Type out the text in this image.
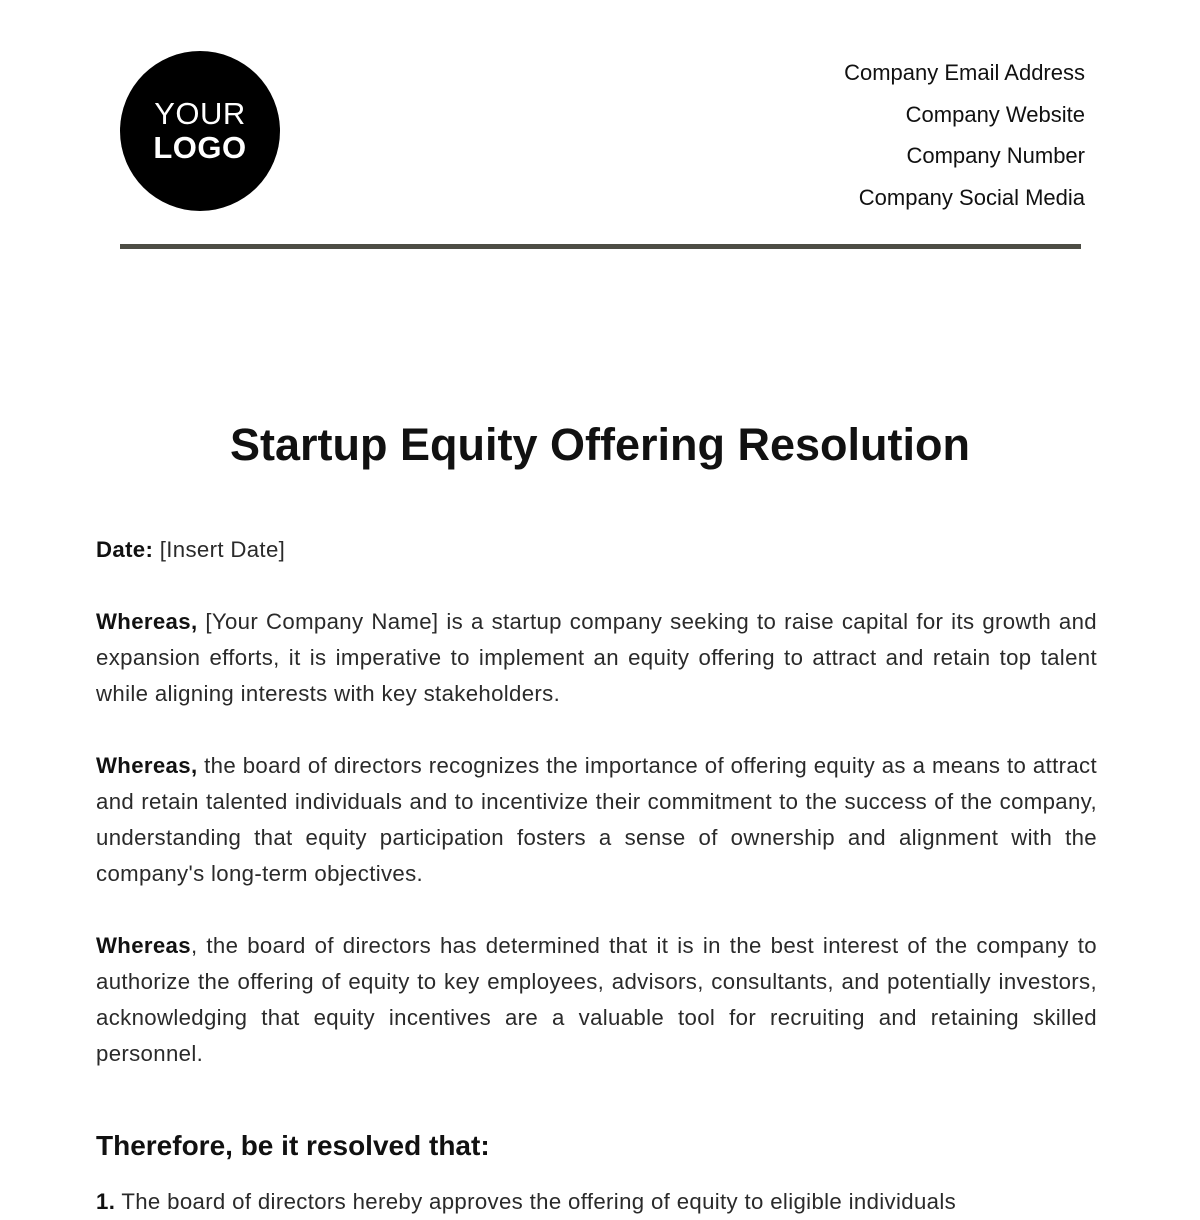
YOUR
LOGO
Company Email Address
Company Website
Company Number
Company Social Media
Startup Equity Offering Resolution

Date: [Insert Date]

Whereas, [Your Company Name] is a startup company seeking to raise capital for its growth and expansion efforts, it is imperative to implement an equity offering to attract and retain top talent while aligning interests with key stakeholders.

Whereas, the board of directors recognizes the importance of offering equity as a means to attract and retain talented individuals and to incentivize their commitment to the success of the company, understanding that equity participation fosters a sense of ownership and alignment with the company's long-term objectives.

Whereas, the board of directors has determined that it is in the best interest of the company to authorize the offering of equity to key employees, advisors, consultants, and potentially investors, acknowledging that equity incentives are a valuable tool for recruiting and retaining skilled personnel.

Therefore, be it resolved that:
1. The board of directors hereby approves the offering of equity to eligible individuals
